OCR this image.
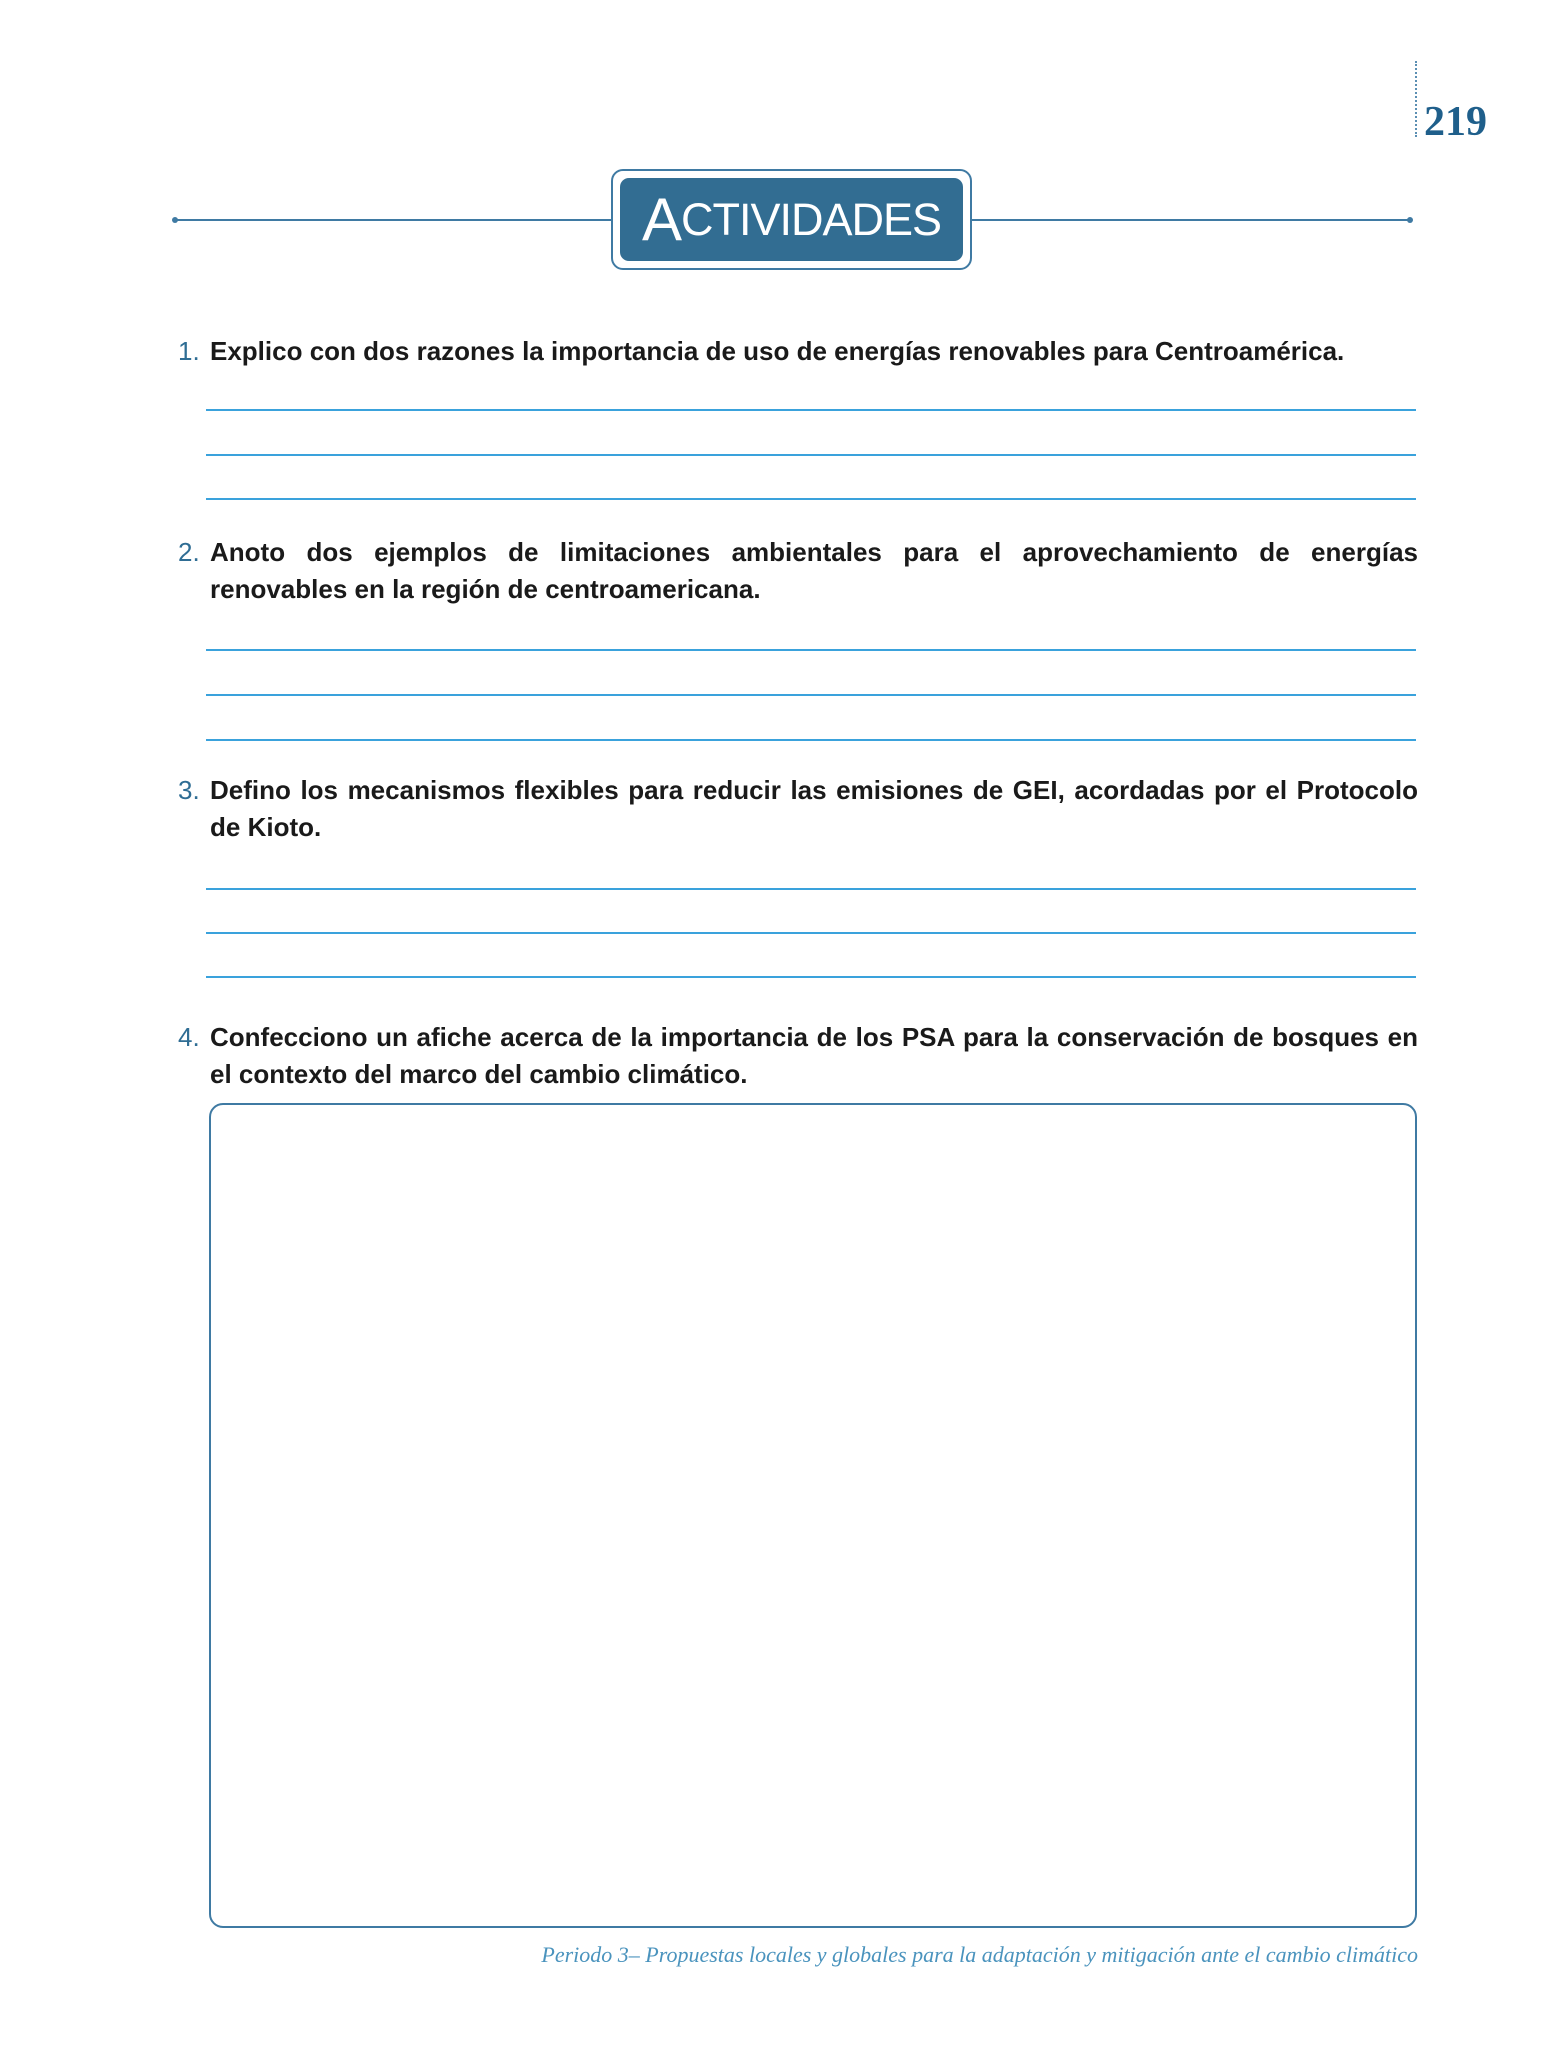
219
A CTIVIDADES
1. Explico con dos razones la importancia de uso de energías renovables para Centroamérica.
2. Anoto dos ejemplos de limitaciones ambientales para el aprovechamiento de energías renovables en la región de centroamericana.
3. Defino los mecanismos flexibles para reducir las emisiones de GEI, acordadas por el Protocolo de Kioto.
4. Confecciono un afiche acerca de la importancia de los PSA para la conservación de bosques en el contexto del marco del cambio climático.
Periodo 3– Propuestas locales y globales para la adaptación y mitigación ante el cambio climático
